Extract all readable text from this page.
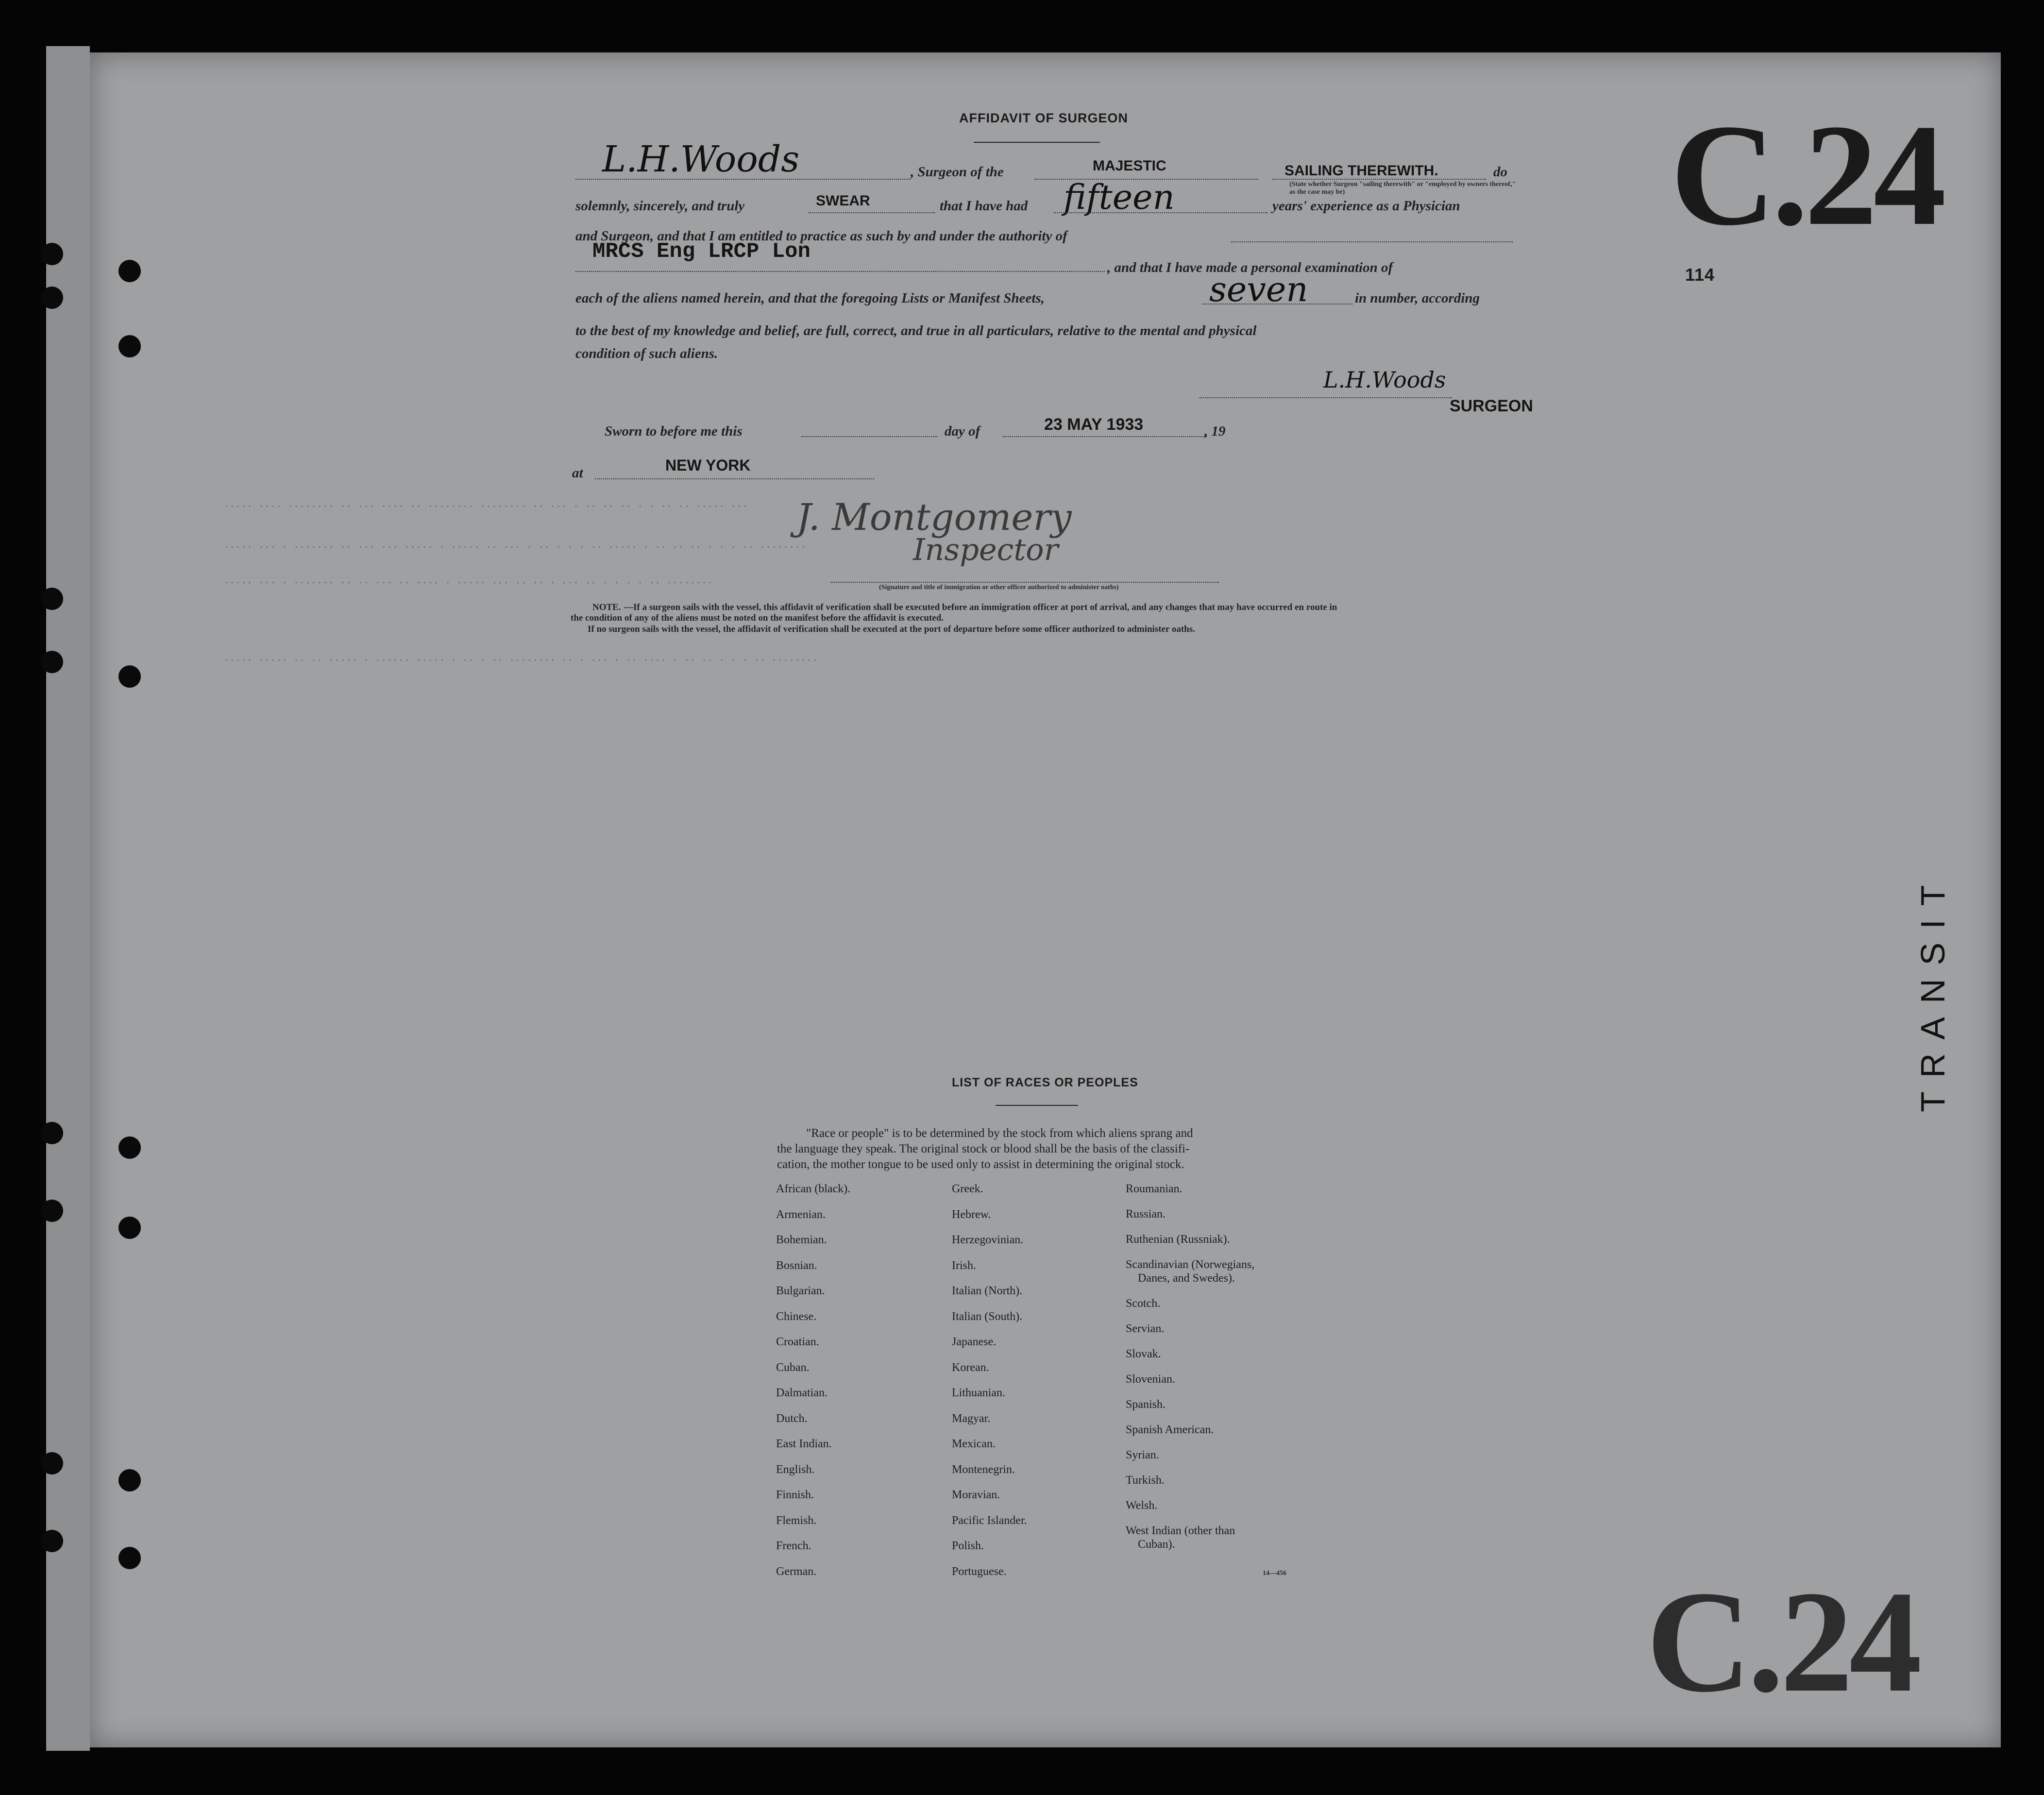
C.24
114
C.24
TRANSIT
AFFIDAVIT OF SURGEON
L.H.Woods	, Surgeon of the	MAJESTIC	SAILING THEREWITH.	do
(State whether Surgeon "sailing therewith" or "employed by owners thereof," as the case may be)
solemnly, sincerely, and truly	SWEAR	that I have had fifteen	years' experience as a Physician
and Surgeon, and that I am entitled to practice as such by and under the authority of
MRCS Eng LRCP Lon
, and that I have made a personal examination of
each of the aliens named herein, and that the foregoing Lists or Manifest Sheets,	seven	in number, according
to the best of my knowledge and belief, are full, correct, and true in all particulars, relative to the mental and physical
condition of such aliens.
L.H.Woods
SURGEON
Sworn to before me this	day of	23 MAY 1933	, 19
at	NEW YORK
..... .... ........ .. ... .... .. ........ ........ .. ... . .. .. .. . . .. .. ..... ...
..... ... . ....... .. ... ... ..... . ..... .. ... . .. . . . .. ..... . .. .. .. . . . .. ........
..... ... . ....... .. .. ... .. .... . ..... ... .. .. . ... .. . . . . .. ........
..... ..... .. .. ..... . ...... ..... . .. . .. ........ .. . ... . .. .... . .. .. . . . .. ........
J. Montgomery
Inspector
(Signature and title of immigration or other officer authorized to administer oaths)
NOTE. —If a surgeon sails with the vessel, this affidavit of verification shall be executed before an immigration officer at port of arrival, and any changes that may have occurred en route in
the condition of any of the aliens must be noted on the manifest before the affidavit is executed.
If no surgeon sails with the vessel, the affidavit of verification shall be executed at the port of departure before some officer authorized to administer oaths.
LIST OF RACES OR PEOPLES
"Race or people" is to be determined by the stock from which aliens sprang and
the language they speak. The original stock or blood shall be the basis of the classifi-
cation, the mother tongue to be used only to assist in determining the original stock.
African (black).
Armenian.
Bohemian.
Bosnian.
Bulgarian.
Chinese.
Croatian.
Cuban.
Dalmatian.
Dutch.
East Indian.
English.
Finnish.
Flemish.
French.
German.
Greek.
Hebrew.
Herzegovinian.
Irish.
Italian (North).
Italian (South).
Japanese.
Korean.
Lithuanian.
Magyar.
Mexican.
Montenegrin.
Moravian.
Pacific Islander.
Polish.
Portuguese.
Roumanian.
Russian.
Ruthenian (Russniak).
Scandinavian (Norwegians,
Danes, and Swedes).
Scotch.
Servian.
Slovak.
Slovenian.
Spanish.
Spanish American.
Syrian.
Turkish.
Welsh.
West Indian (other than
Cuban).
14—456
